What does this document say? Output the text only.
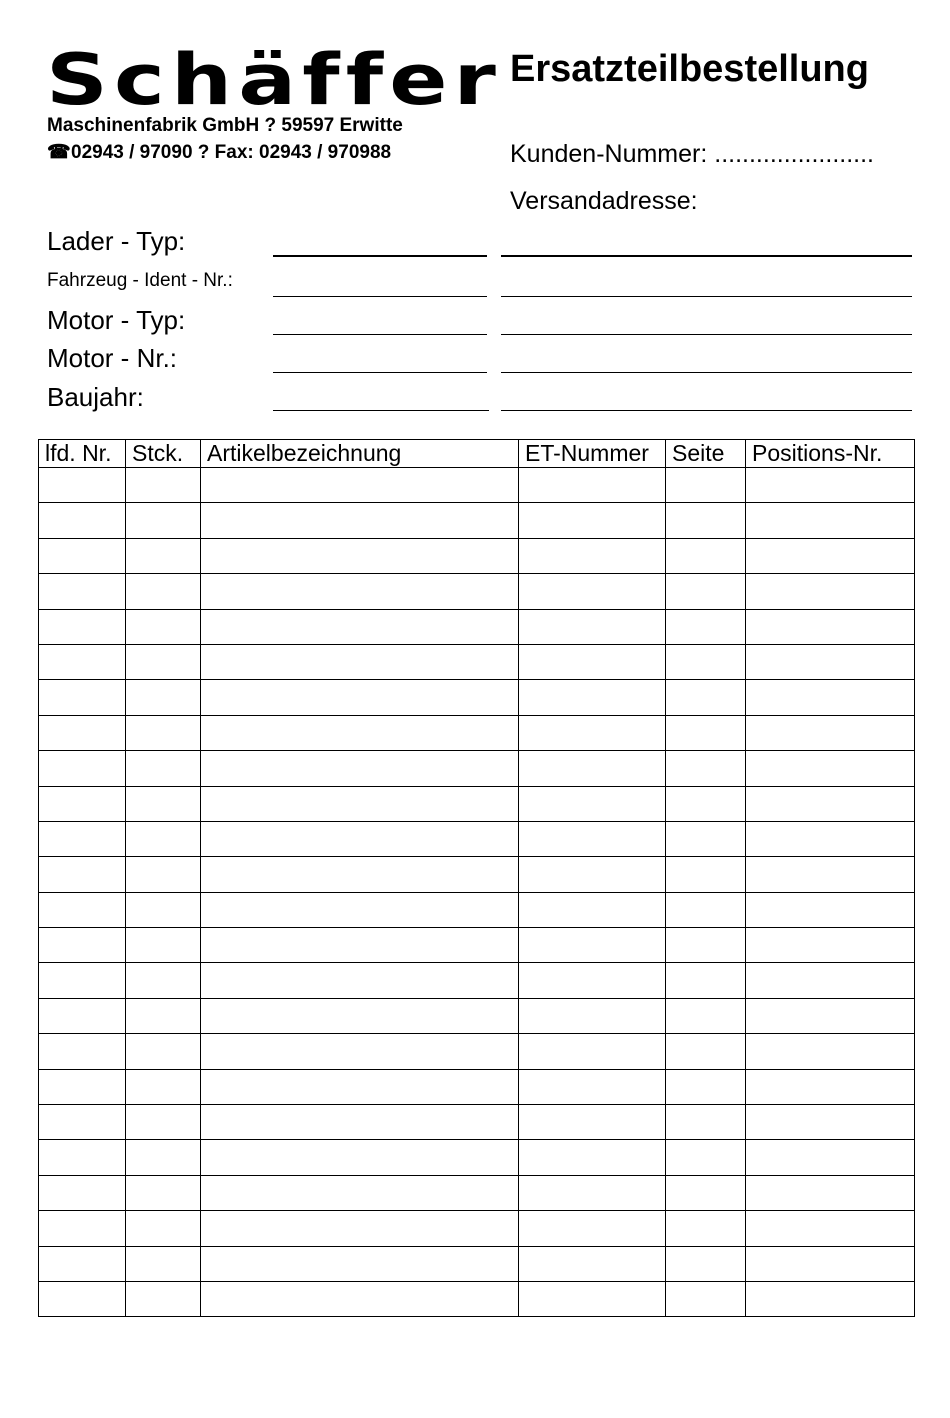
Schäffer
Maschinenfabrik GmbH ? 59597 Erwitte
☎02943 / 97090 ? Fax: 02943 / 970988
Ersatzteilbestellung
Kunden-Nummer: .......................
Versandadresse:
Lader - Typ:
Fahrzeug - Ident - Nr.:
Motor - Typ:
Motor - Nr.:
Baujahr:
lfd. Nr.	Stck.	Artikelbezeichnung	ET-Nummer	Seite	Positions-Nr.
